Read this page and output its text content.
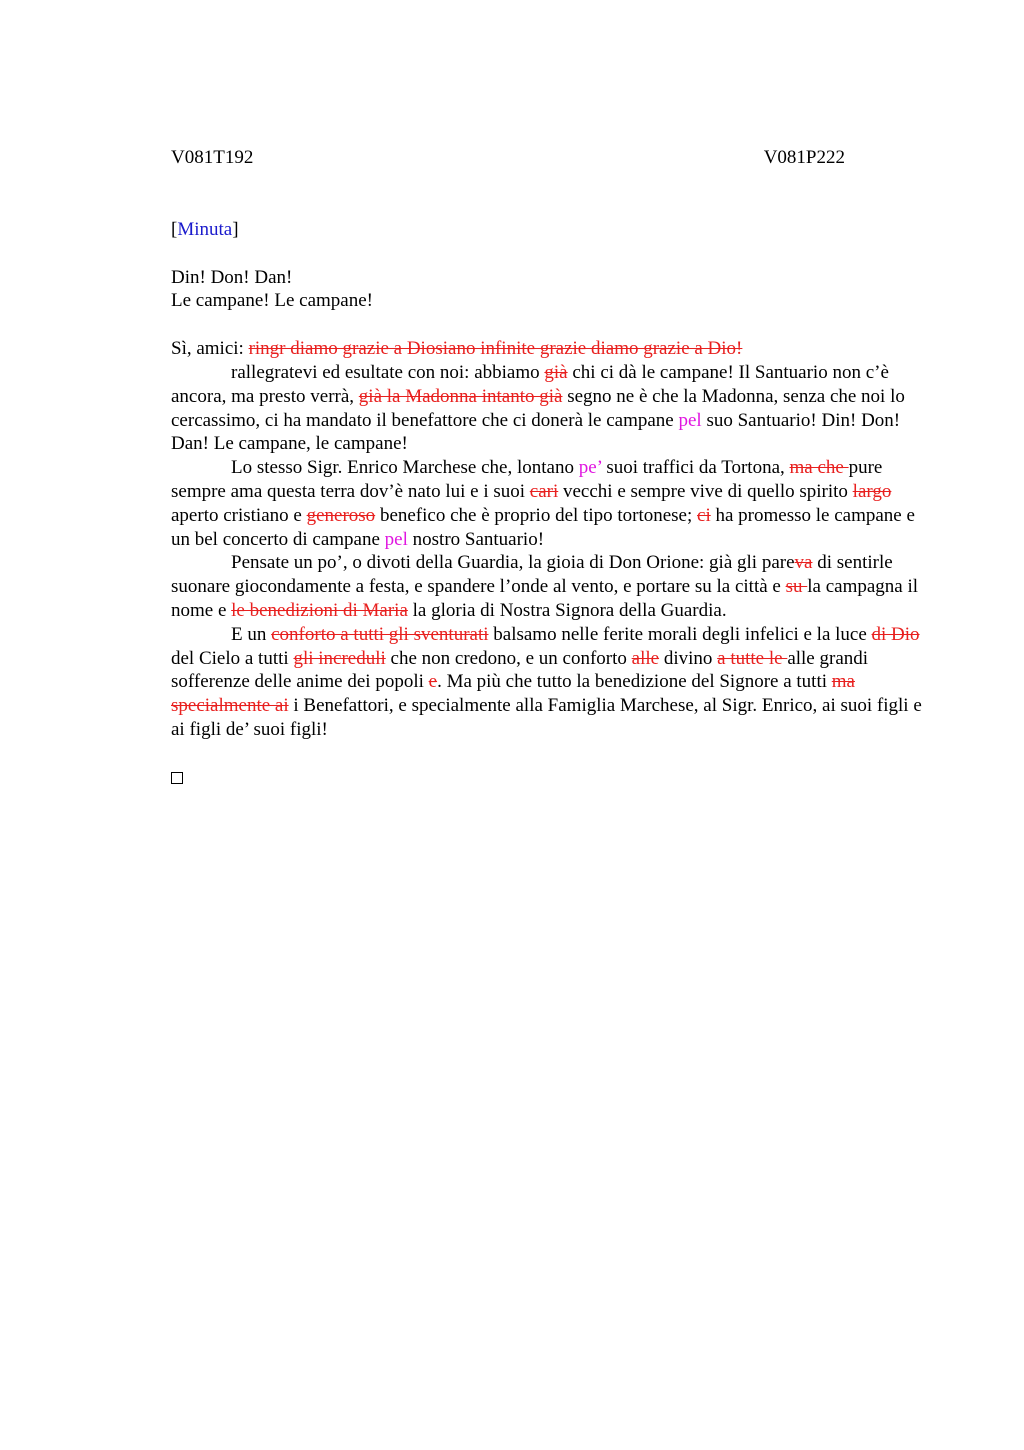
V081T192	V081P222

[Minuta]

Din! Don! Dan!

Le campane! Le campane!

Sì, amici: ringr diamo grazie a Diosiano infinite grazie diamo grazie a Dio!
rallegratevi ed esultate con noi: abbiamo già chi ci dà le campane! Il Santuario non c’è ancora, ma presto verrà, già la Madonna intanto già segno ne è che la Madonna, senza che noi lo cercassimo, ci ha mandato il benefattore che ci donerà le campane pel suo Santuario! Din! Don! Dan! Le campane, le campane!

Lo stesso Sigr. Enrico Marchese che, lontano pe’ suoi traffici da Tortona, ma che pure sempre ama questa terra dov’è nato lui e i suoi cari vecchi e sempre vive di quello spirito largo aperto cristiano e generoso benefico che è proprio del tipo tortonese; ci ha promesso le campane e un bel concerto di campane pel nostro Santuario!

Pensate un po’, o divoti della Guardia, la gioia di Don Orione: già gli pareva di sentirle suonare giocondamente a festa, e spandere l’onde al vento, e portare su la città e su la campagna il nome e le benedizioni di Maria la gloria di Nostra Signora della Guardia.

E un conforto a tutti gli sventurati balsamo nelle ferite morali degli infelici e la luce di Dio del Cielo a tutti gli increduli che non credono, e un conforto alle divino a tutte le alle grandi sofferenze delle anime dei popoli e. Ma più che tutto la benedizione del Signore a tutti ma specialmente ai i Benefattori, e specialmente alla Famiglia Marchese, al Sigr. Enrico, ai suoi figli e ai figli de’ suoi figli!
